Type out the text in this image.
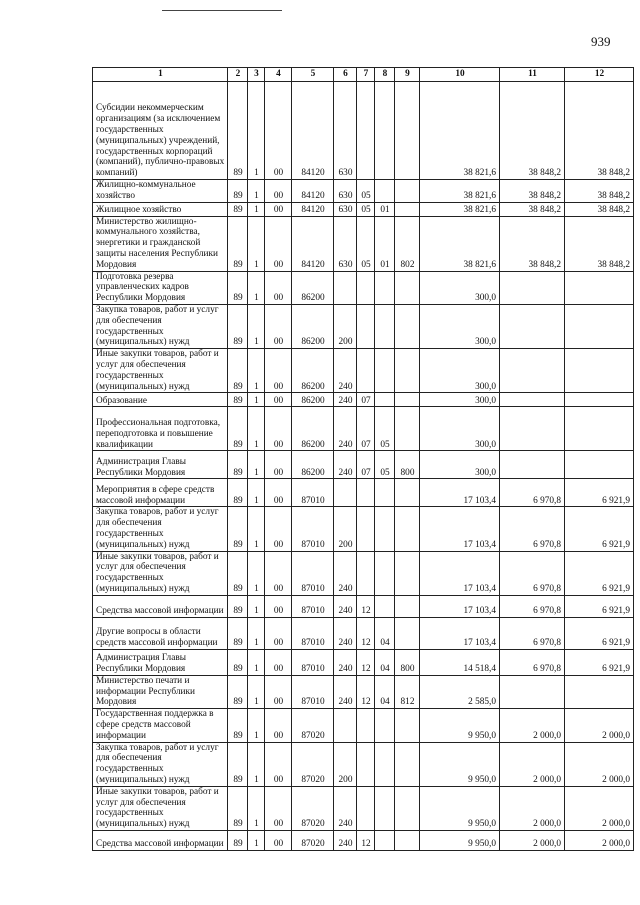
939
1	2	3	4	5	6	7	8	9	10	11	12
Субсидии некоммерческим организациям (за исключением государственных (муниципальных) учреждений, государственных корпораций (компаний), публично-правовых компаний)	89	1	00	84120	630				38 821,6	38 848,2	38 848,2
Жилищно-коммунальное хозяйство	89	1	00	84120	630	05			38 821,6	38 848,2	38 848,2
Жилищное хозяйство	89	1	00	84120	630	05	01		38 821,6	38 848,2	38 848,2
Министерство жилищно-коммунального хозяйства, энергетики и гражданской защиты населения Республики Мордовия	89	1	00	84120	630	05	01	802	38 821,6	38 848,2	38 848,2
Подготовка резерва управленческих кадров Республики Мордовия	89	1	00	86200					300,0		
Закупка товаров, работ и услуг для обеспечения государственных (муниципальных) нужд	89	1	00	86200	200				300,0		
Иные закупки товаров, работ и услуг для обеспечения государственных (муниципальных) нужд	89	1	00	86200	240				300,0		
Образование	89	1	00	86200	240	07			300,0		
Профессиональная подготовка, переподготовка и повышение квалификации	89	1	00	86200	240	07	05		300,0		
Администрация Главы Республики Мордовия	89	1	00	86200	240	07	05	800	300,0		
Мероприятия в сфере средств массовой информации	89	1	00	87010					17 103,4	6 970,8	6 921,9
Закупка товаров, работ и услуг для обеспечения государственных (муниципальных) нужд	89	1	00	87010	200				17 103,4	6 970,8	6 921,9
Иные закупки товаров, работ и услуг для обеспечения государственных (муниципальных) нужд	89	1	00	87010	240				17 103,4	6 970,8	6 921,9
Средства массовой информации	89	1	00	87010	240	12			17 103,4	6 970,8	6 921,9
Другие вопросы в области средств массовой информации	89	1	00	87010	240	12	04		17 103,4	6 970,8	6 921,9
Администрация Главы Республики Мордовия	89	1	00	87010	240	12	04	800	14 518,4	6 970,8	6 921,9
Министерство печати и информации Республики Мордовия	89	1	00	87010	240	12	04	812	2 585,0		
Государственная поддержка в сфере средств массовой информации	89	1	00	87020					9 950,0	2 000,0	2 000,0
Закупка товаров, работ и услуг для обеспечения государственных (муниципальных) нужд	89	1	00	87020	200				9 950,0	2 000,0	2 000,0
Иные закупки товаров, работ и услуг для обеспечения государственных (муниципальных) нужд	89	1	00	87020	240				9 950,0	2 000,0	2 000,0
Средства массовой информации	89	1	00	87020	240	12			9 950,0	2 000,0	2 000,0
